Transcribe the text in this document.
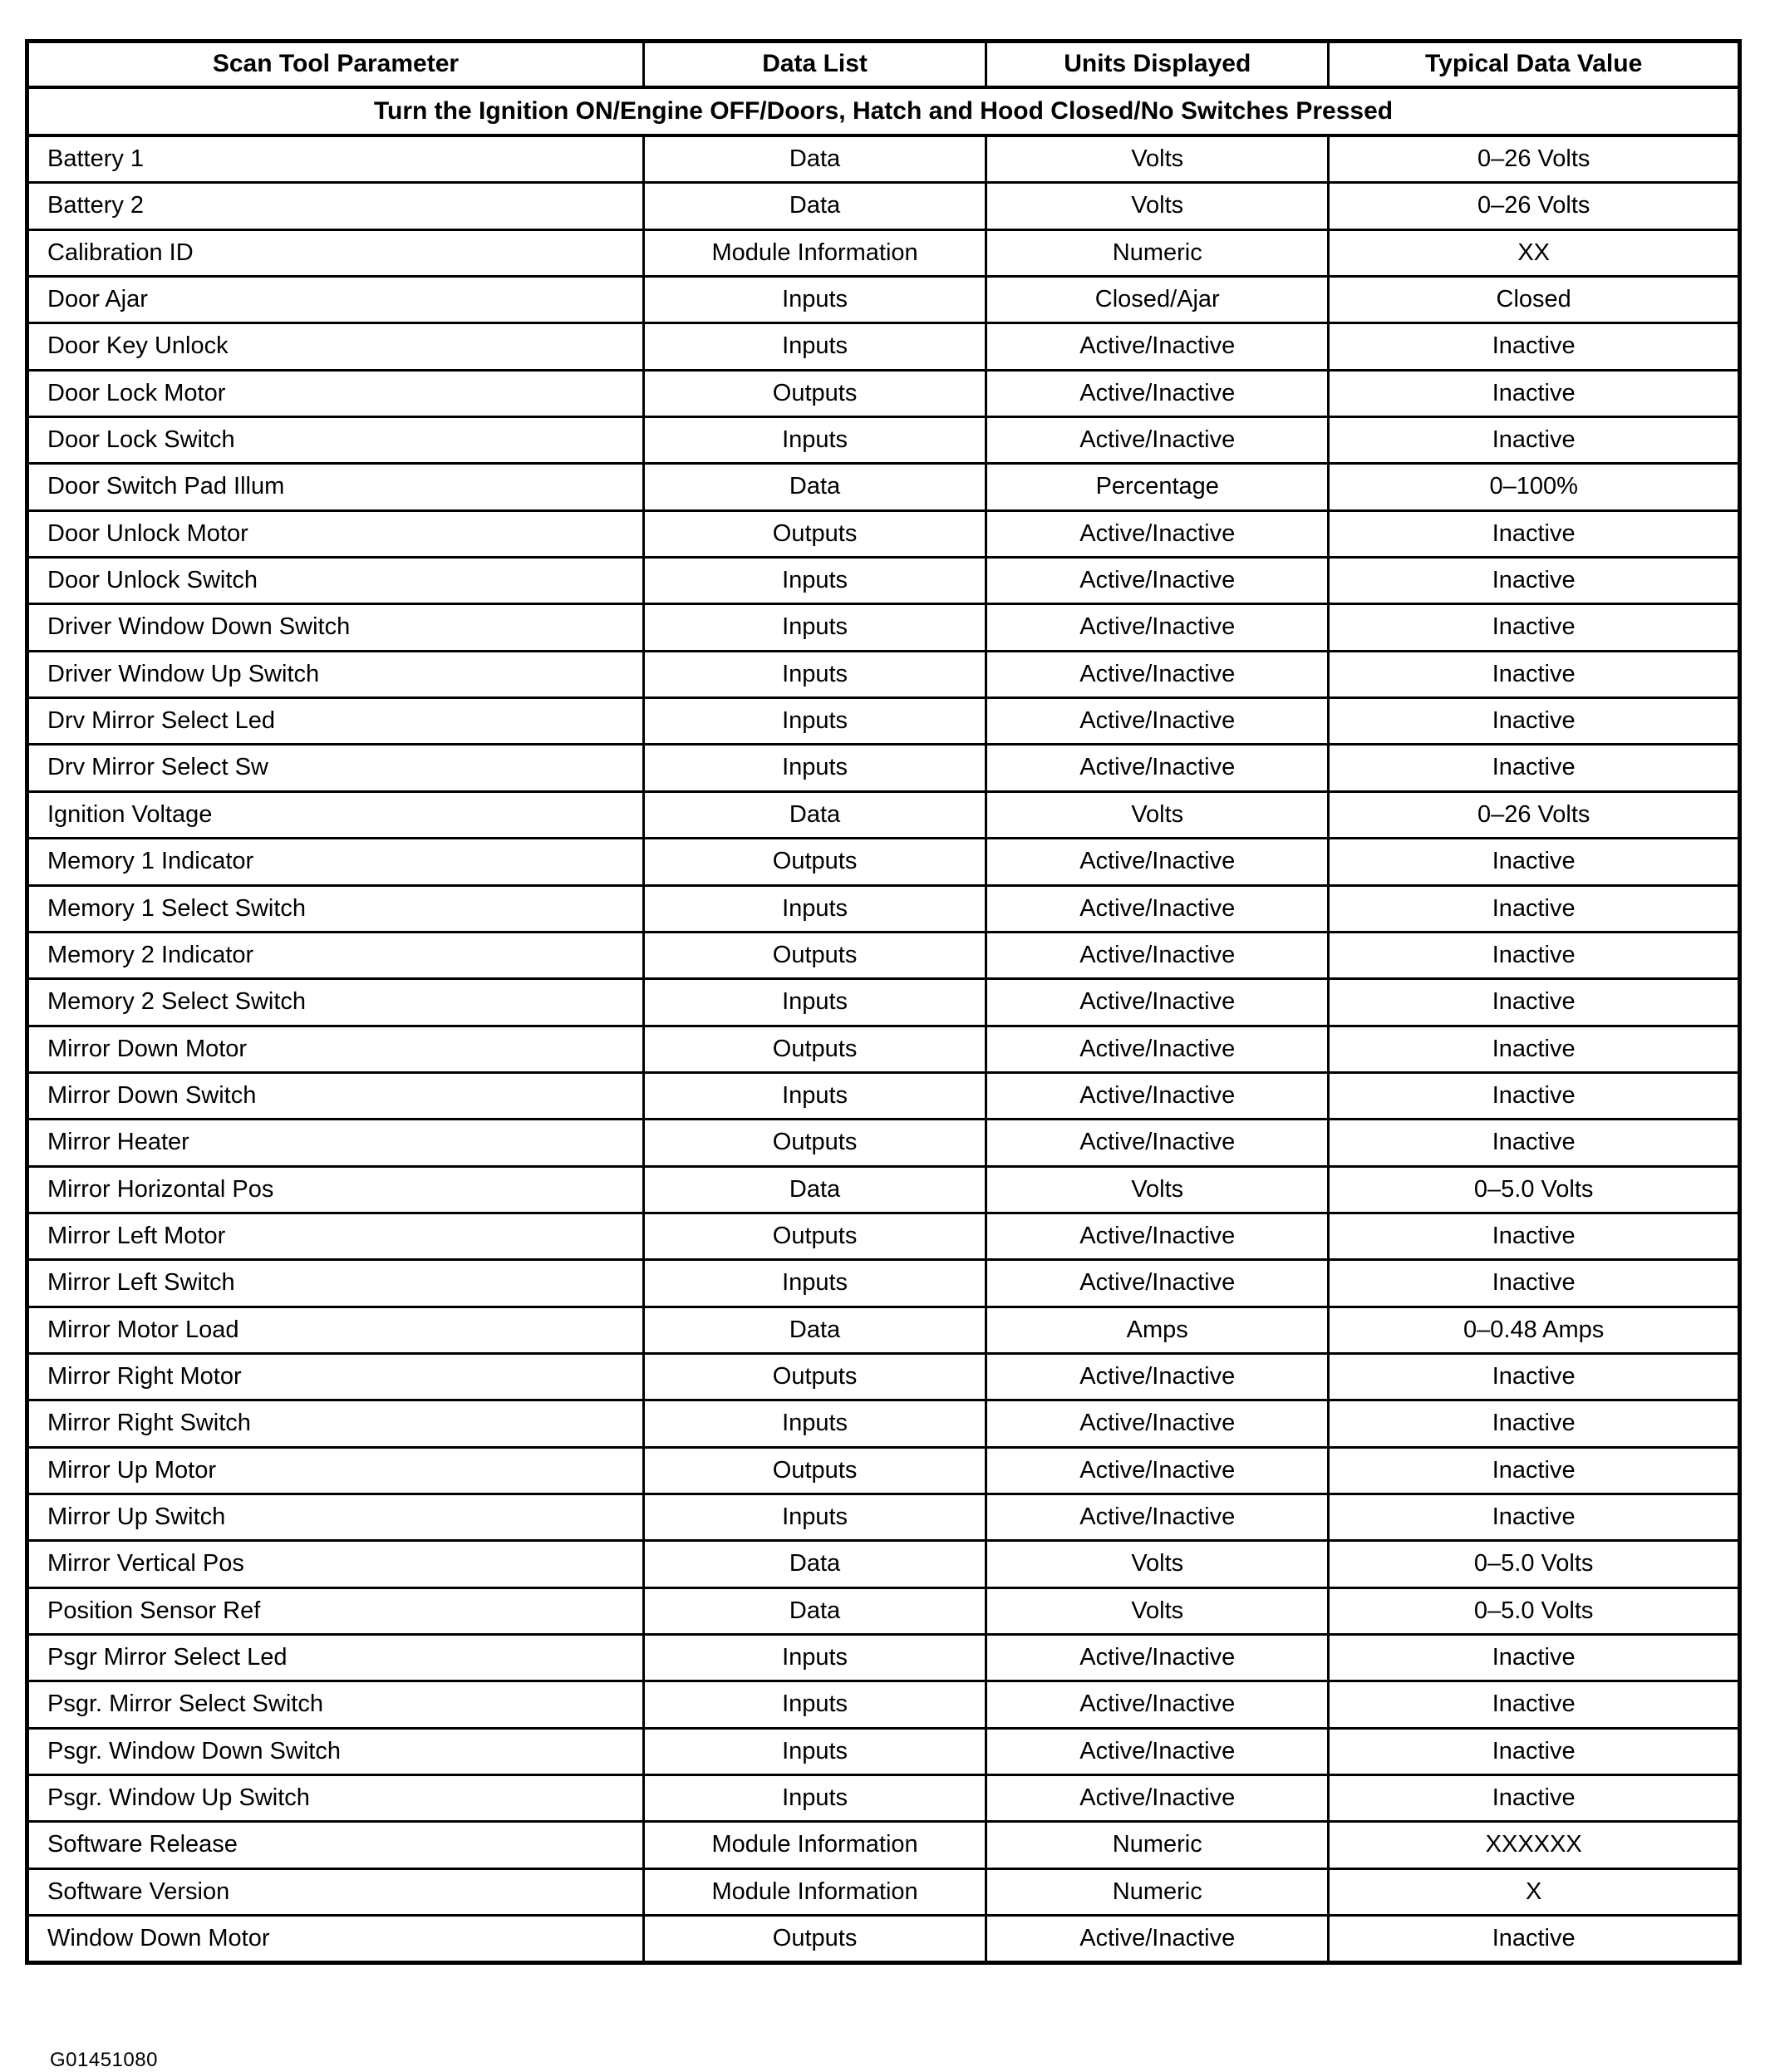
Scan Tool Parameter	Data List	Units Displayed	Typical Data Value
Turn the Ignition ON/Engine OFF/Doors, Hatch and Hood Closed/No Switches Pressed			
Battery 1	Data	Volts	0–26 Volts
Battery 2	Data	Volts	0–26 Volts
Calibration ID	Module Information	Numeric	XX
Door Ajar	Inputs	Closed/Ajar	Closed
Door Key Unlock	Inputs	Active/Inactive	Inactive
Door Lock Motor	Outputs	Active/Inactive	Inactive
Door Lock Switch	Inputs	Active/Inactive	Inactive
Door Switch Pad Illum	Data	Percentage	0–100%
Door Unlock Motor	Outputs	Active/Inactive	Inactive
Door Unlock Switch	Inputs	Active/Inactive	Inactive
Driver Window Down Switch	Inputs	Active/Inactive	Inactive
Driver Window Up Switch	Inputs	Active/Inactive	Inactive
Drv Mirror Select Led	Inputs	Active/Inactive	Inactive
Drv Mirror Select Sw	Inputs	Active/Inactive	Inactive
Ignition Voltage	Data	Volts	0–26 Volts
Memory 1 Indicator	Outputs	Active/Inactive	Inactive
Memory 1 Select Switch	Inputs	Active/Inactive	Inactive
Memory 2 Indicator	Outputs	Active/Inactive	Inactive
Memory 2 Select Switch	Inputs	Active/Inactive	Inactive
Mirror Down Motor	Outputs	Active/Inactive	Inactive
Mirror Down Switch	Inputs	Active/Inactive	Inactive
Mirror Heater	Outputs	Active/Inactive	Inactive
Mirror Horizontal Pos	Data	Volts	0–5.0 Volts
Mirror Left Motor	Outputs	Active/Inactive	Inactive
Mirror Left Switch	Inputs	Active/Inactive	Inactive
Mirror Motor Load	Data	Amps	0–0.48 Amps
Mirror Right Motor	Outputs	Active/Inactive	Inactive
Mirror Right Switch	Inputs	Active/Inactive	Inactive
Mirror Up Motor	Outputs	Active/Inactive	Inactive
Mirror Up Switch	Inputs	Active/Inactive	Inactive
Mirror Vertical Pos	Data	Volts	0–5.0 Volts
Position Sensor Ref	Data	Volts	0–5.0 Volts
Psgr Mirror Select Led	Inputs	Active/Inactive	Inactive
Psgr. Mirror Select Switch	Inputs	Active/Inactive	Inactive
Psgr. Window Down Switch	Inputs	Active/Inactive	Inactive
Psgr. Window Up Switch	Inputs	Active/Inactive	Inactive
Software Release	Module Information	Numeric	XXXXXX
Software Version	Module Information	Numeric	X
Window Down Motor	Outputs	Active/Inactive	Inactive
G01451080
